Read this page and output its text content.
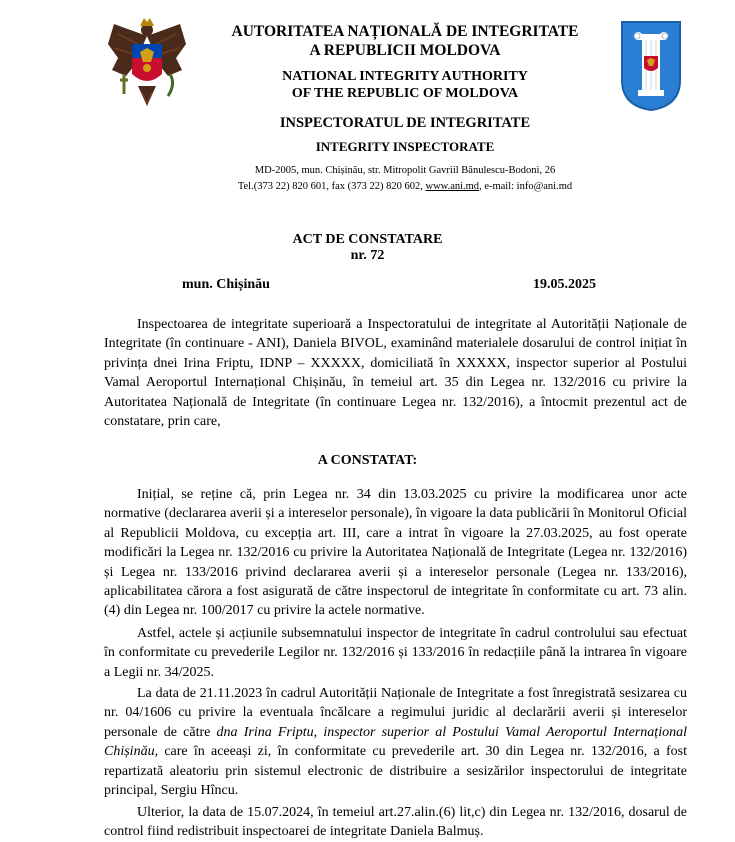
AUTORITATEA NAȚIONALĂ DE INTEGRITATE
A REPUBLICII MOLDOVA
NATIONAL INTEGRITY AUTHORITY
OF THE REPUBLIC OF MOLDOVA
INSPECTORATUL DE INTEGRITATE
INTEGRITY INSPECTORATE
MD-2005, mun. Chișinău, str. Mitropolit Gavriil Bănulescu-Bodoni, 26
Tel.(373 22) 820 601, fax (373 22) 820 602, www.ani.md, e-mail: info@ani.md
ACT DE CONSTATARE
nr. 72
mun. Chișinău	19.05.2025

Inspectoarea de integritate superioară a Inspectoratului de integritate al Autorității Naționale de Integritate (în continuare - ANI), Daniela BIVOL, examinând materialele dosarului de control inițiat în privința dnei Irina Friptu, IDNP – XXXXX, domiciliată în XXXXX, inspector superior al Postului Vamal Aeroportul Internațional Chișinău, în temeiul art. 35 din Legea nr. 132/2016 cu privire la Autoritatea Națională de Integritate (în continuare Legea nr. 132/2016), a întocmit prezentul act de constatare, prin care,

A CONSTATAT:

Inițial, se reține că, prin Legea nr. 34 din 13.03.2025 cu privire la modificarea unor acte normative (declararea averii și a intereselor personale), în vigoare la data publicării în Monitorul Oficial al Republicii Moldova, cu excepția art. III, care a intrat în vigoare la 27.03.2025, au fost operate modificări la Legea nr. 132/2016 cu privire la Autoritatea Națională de Integritate (Legea nr. 132/2016) și Legea nr. 133/2016 privind declararea averii și a intereselor personale (Legea nr. 133/2016), aplicabilitatea cărora a fost asigurată de către inspectorul de integritate în conformitate cu art. 73 alin. (4) din Legea nr. 100/2017 cu privire la actele normative.

Astfel, actele și acțiunile subsemnatului inspector de integritate în cadrul controlului sau efectuat în conformitate cu prevederile Legilor nr. 132/2016 și 133/2016 în redacțiile până la intrarea în vigoare a Legii nr. 34/2025.

La data de 21.11.2023 în cadrul Autorității Naționale de Integritate a fost înregistrată sesizarea cu nr. 04/1606 cu privire la eventuala încălcare a regimului juridic al declarării averii și intereselor personale de către dna Irina Friptu, inspector superior al Postului Vamal Aeroportul Internațional Chișinău, care în aceeași zi, în conformitate cu prevederile art. 30 din Legea nr. 132/2016, a fost repartizată aleatoriu prin sistemul electronic de distribuire a sesizărilor inspectorului de integritate principal, Sergiu Hîncu.

Ulterior, la data de 15.07.2024, în temeiul art.27.alin.(6) lit,c) din Legea nr. 132/2016, dosarul de control fiind redistribuit inspectoarei de integritate Daniela Balmuș.
